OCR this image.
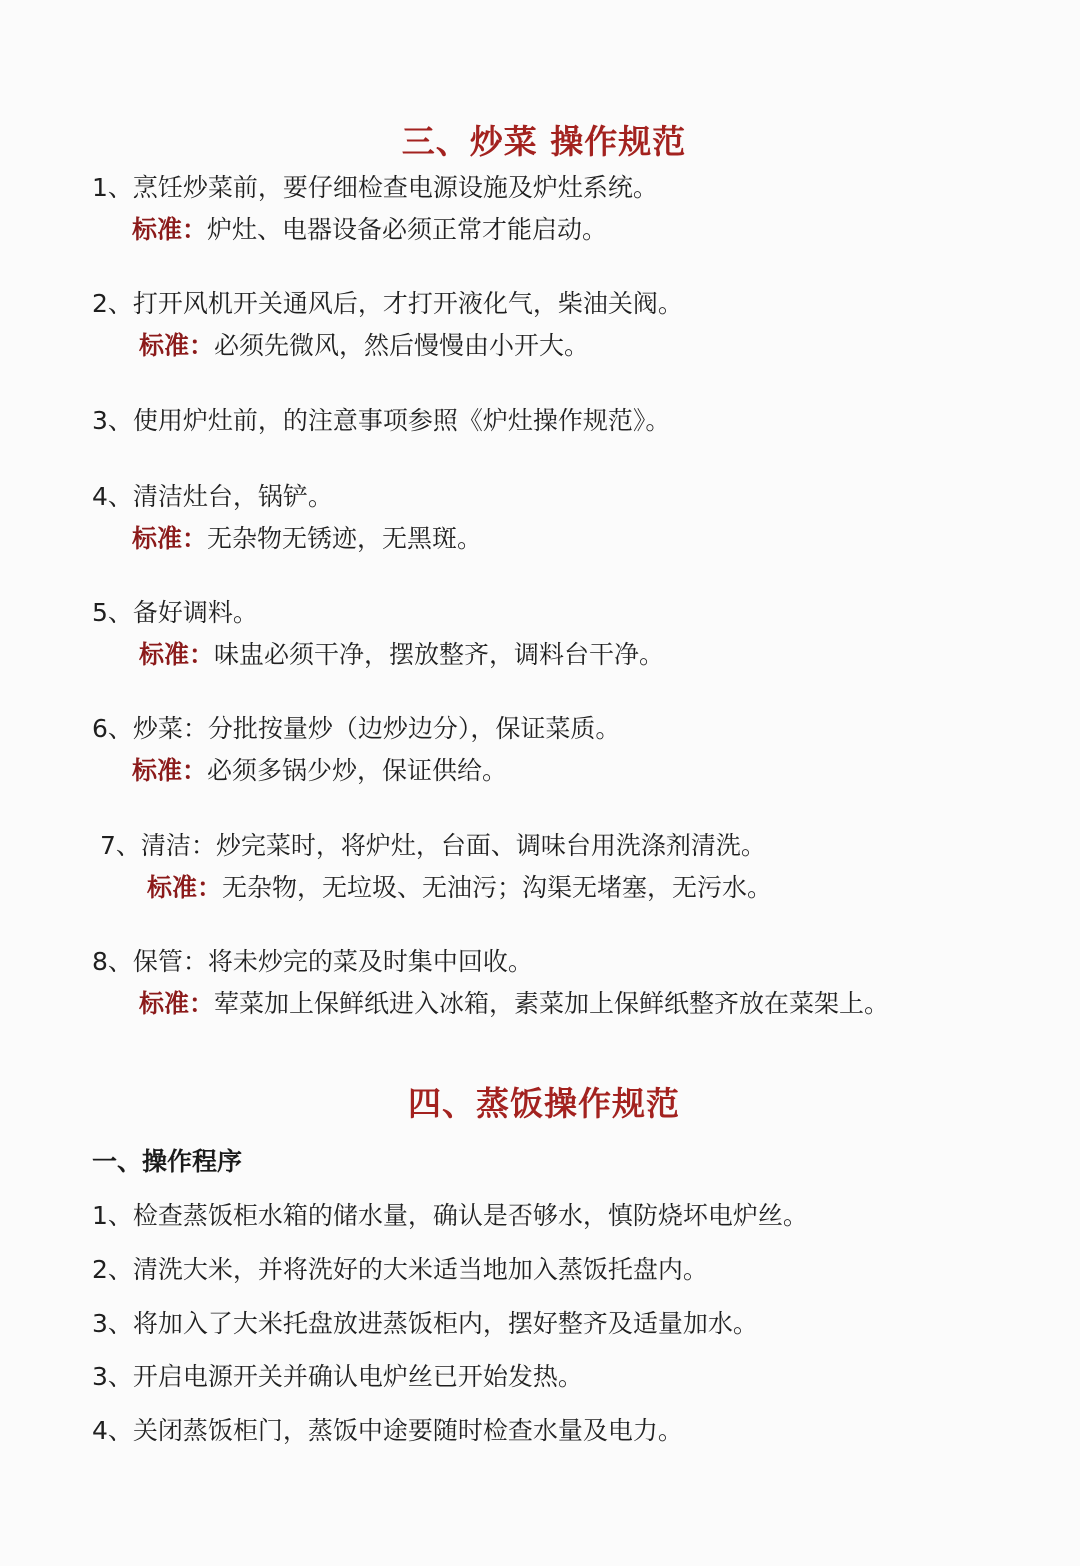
三、炒菜 操作规范
1、烹饪炒菜前，要仔细检查电源设施及炉灶系统。
标准：炉灶、电器设备必须正常才能启动。
2、打开风机开关通风后，才打开液化气，柴油关阀。
标准：必须先微风，然后慢慢由小开大。
3、使用炉灶前，的注意事项参照《炉灶操作规范》。
4、清洁灶台，锅铲。
标准：无杂物无锈迹，无黑斑。
5、备好调料。
标准：味盅必须干净，摆放整齐，调料台干净。
6、炒菜：分批按量炒（边炒边分），保证菜质。
标准：必须多锅少炒，保证供给。
7、清洁：炒完菜时，将炉灶，台面、调味台用洗涤剂清洗。
标准：无杂物，无垃圾、无油污；沟渠无堵塞，无污水。
8、保管：将未炒完的菜及时集中回收。
标准：荤菜加上保鲜纸进入冰箱，素菜加上保鲜纸整齐放在菜架上。
四、蒸饭操作规范
一、操作程序
1、检查蒸饭柜水箱的储水量，确认是否够水，慎防烧坏电炉丝。
2、清洗大米，并将洗好的大米适当地加入蒸饭托盘内。
3、将加入了大米托盘放进蒸饭柜内，摆好整齐及适量加水。
3、开启电源开关并确认电炉丝已开始发热。
4、关闭蒸饭柜门，蒸饭中途要随时检查水量及电力。
